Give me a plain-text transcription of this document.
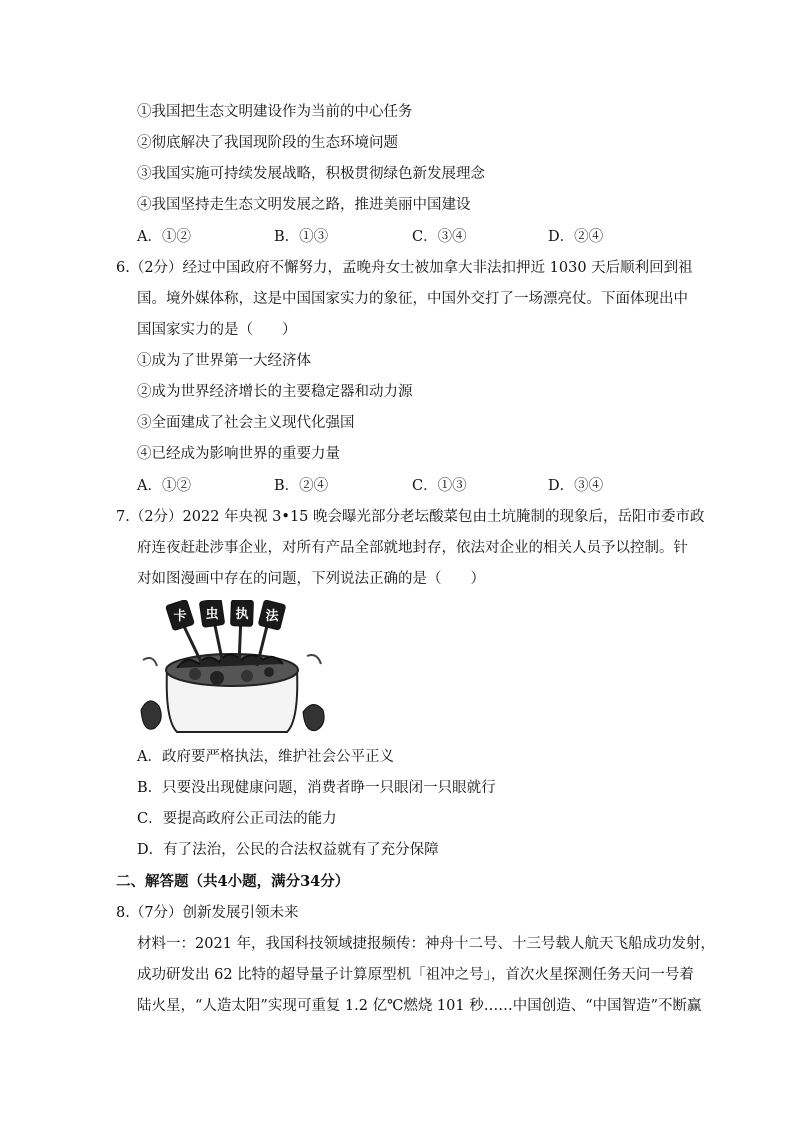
①我国把生态文明建设作为当前的中心任务
②彻底解决了我国现阶段的生态环境问题
③我国实施可持续发展战略，积极贯彻绿色新发展理念
④我国坚持走生态文明发展之路，推进美丽中国建设
A．①②	B．①③	C．③④	D．②④
6.（2分）经过中国政府不懈努力，孟晚舟女士被加拿大非法扣押近 1030 天后顺利回到祖
国。境外媒体称，这是中国国家实力的象征，中国外交打了一场漂亮仗。下面体现出中
国国家实力的是（　　）
①成为了世界第一大经济体
②成为世界经济增长的主要稳定器和动力源
③全面建成了社会主义现代化强国
④已经成为影响世界的重要力量
A．①②	B．②④	C．①③	D．③④
7.（2分）2022 年央视 3•15 晚会曝光部分老坛酸菜包由土坑腌制的现象后，岳阳市委市政
府连夜赶赴涉事企业，对所有产品全部就地封存，依法对企业的相关人员予以控制。针
对如图漫画中存在的问题，下列说法正确的是（　　）
卡 虫 执 法
A．政府要严格执法，维护社会公平正义
B．只要没出现健康问题，消费者睁一只眼闭一只眼就行
C．要提高政府公正司法的能力
D．有了法治，公民的合法权益就有了充分保障
二、解答题（共4小题，满分34分）
8.（7分）创新发展引领未来
材料一：2021 年，我国科技领域捷报频传：神舟十二号、十三号载人航天飞船成功发射，
成功研发出 62 比特的超导量子计算原型机「祖冲之号」，首次火星探测任务天问一号着
陆火星，“人造太阳”实现可重复 1.2 亿℃燃烧 101 秒……中国创造、“中国智造”不断赢
